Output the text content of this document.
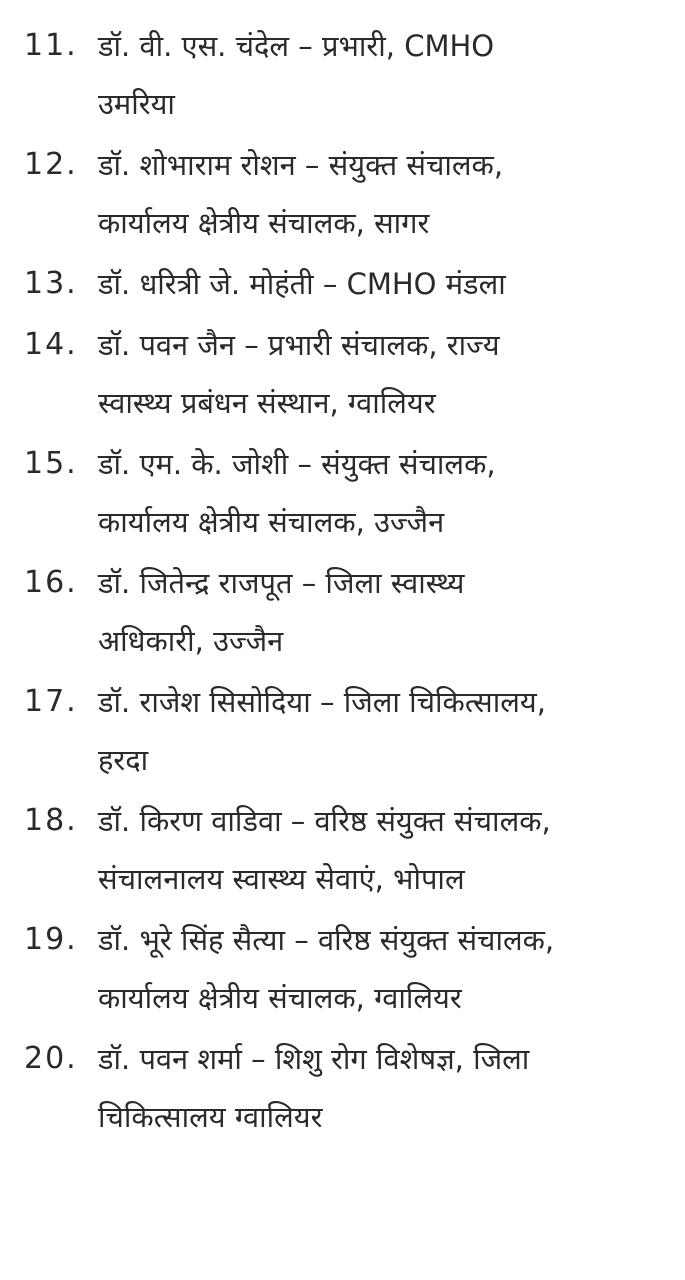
11. डॉ. वी. एस. चंदेल – प्रभारी, CMHO
उमरिया
12. डॉ. शोभाराम रोशन – संयुक्त संचालक,
कार्यालय क्षेत्रीय संचालक, सागर
13. डॉ. धरित्री जे. मोहंती – CMHO मंडला
14. डॉ. पवन जैन – प्रभारी संचालक, राज्य
स्वास्थ्य प्रबंधन संस्थान, ग्वालियर
15. डॉ. एम. के. जोशी – संयुक्त संचालक,
कार्यालय क्षेत्रीय संचालक, उज्जैन
16. डॉ. जितेन्द्र राजपूत – जिला स्वास्थ्य
अधिकारी, उज्जैन
17. डॉ. राजेश सिसोदिया – जिला चिकित्सालय,
हरदा
18. डॉ. किरण वाडिवा – वरिष्ठ संयुक्त संचालक,
संचालनालय स्वास्थ्य सेवाएं, भोपाल
19. डॉ. भूरे सिंह सैत्या – वरिष्ठ संयुक्त संचालक,
कार्यालय क्षेत्रीय संचालक, ग्वालियर
20. डॉ. पवन शर्मा – शिशु रोग विशेषज्ञ, जिला
चिकित्सालय ग्वालियर
